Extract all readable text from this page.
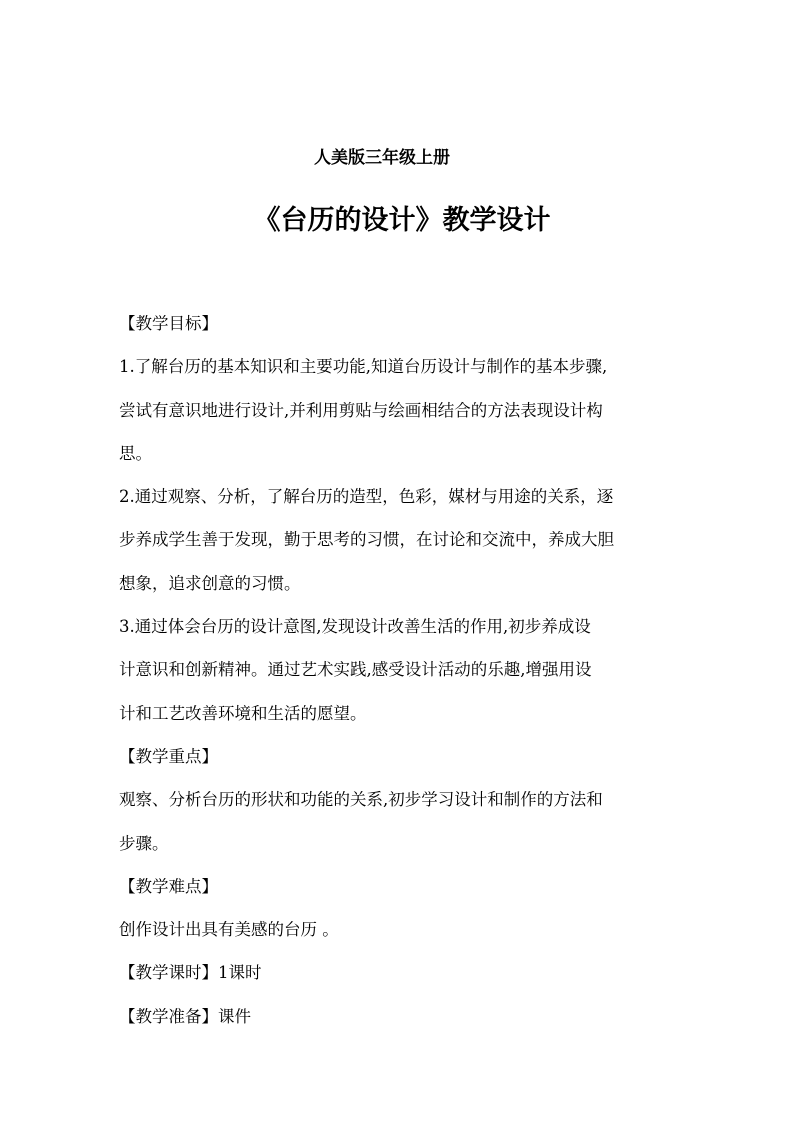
人美版三年级上册
《台历的设计》教学设计
【教学目标】
1.了解台历的基本知识和主要功能,知道台历设计与制作的基本步骤,
尝试有意识地进行设计,并利用剪贴与绘画相结合的方法表现设计构
思。
2.通过观察、分析，了解台历的造型，色彩，媒材与用途的关系，逐
步养成学生善于发现，勤于思考的习惯，在讨论和交流中，养成大胆
想象，追求创意的习惯。
3.通过体会台历的设计意图,发现设计改善生活的作用,初步养成设
计意识和创新精神。通过艺术实践,感受设计活动的乐趣,增强用设
计和工艺改善环境和生活的愿望。
【教学重点】
观察、分析台历的形状和功能的关系,初步学习设计和制作的方法和
步骤。
【教学难点】
创作设计出具有美感的台历 。
【教学课时】1课时
【教学准备】课件
